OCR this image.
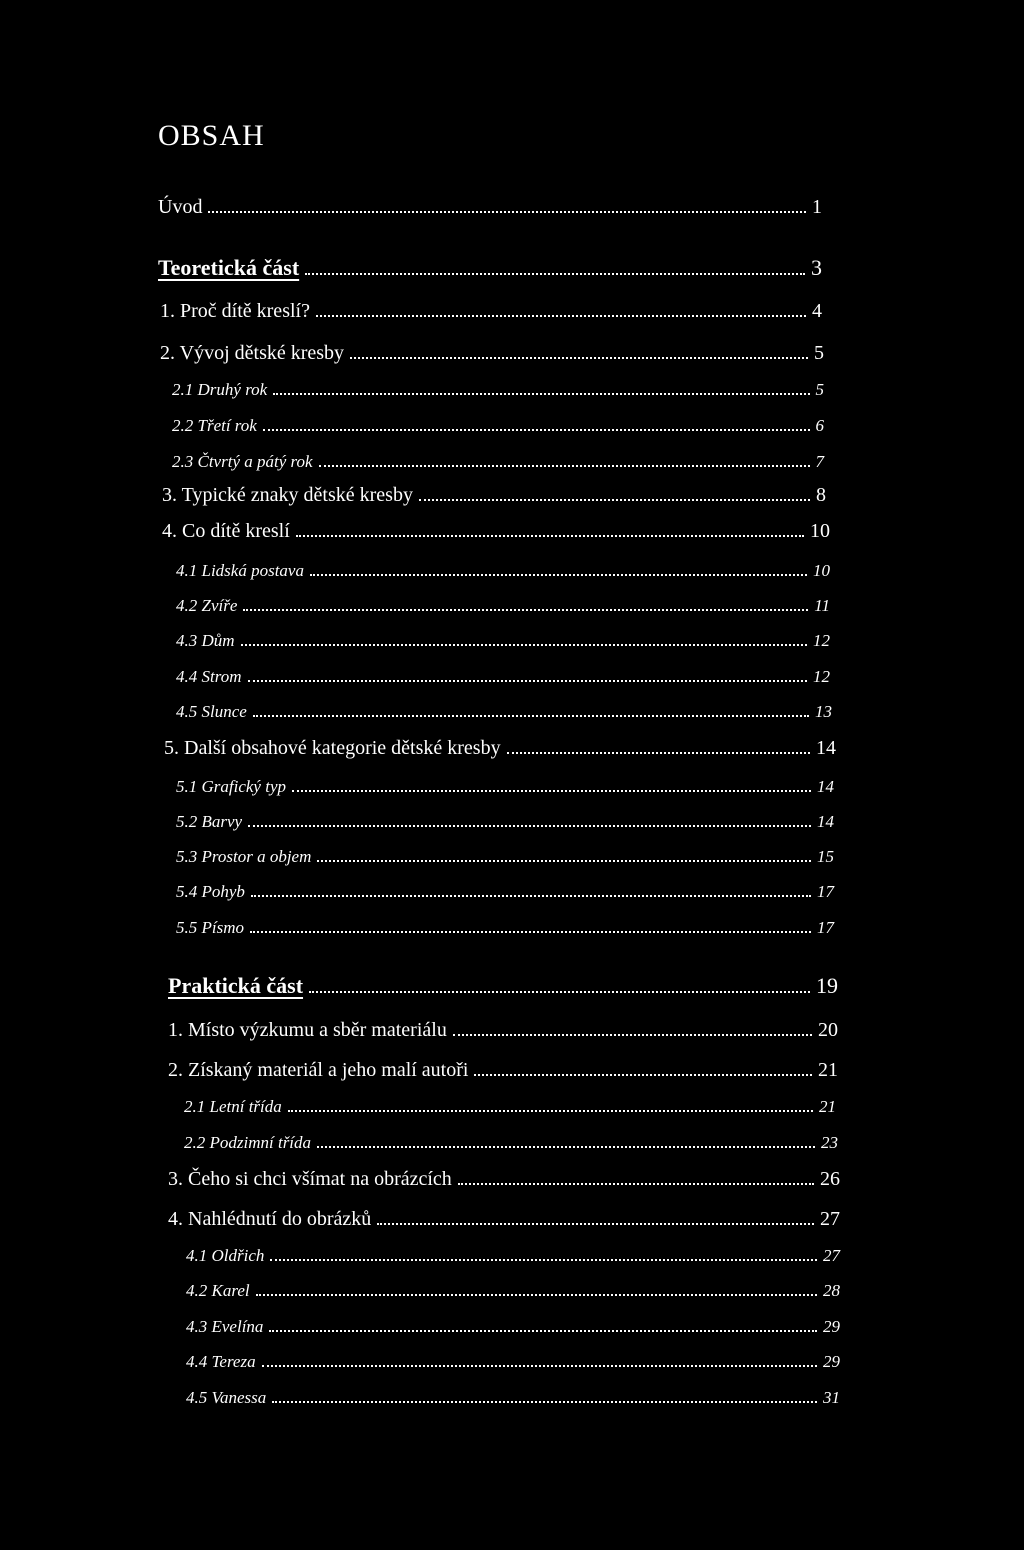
OBSAH
Úvod	1
Teoretická část	3
1. Proč dítě kreslí?	4
2. Vývoj dětské kresby	5
2.1 Druhý rok	5
2.2 Třetí rok	6
2.3 Čtvrtý a pátý rok	7
3. Typické znaky dětské kresby	8
4. Co dítě kreslí	10
4.1 Lidská postava	10
4.2 Zvíře	11
4.3 Dům	12
4.4 Strom	12
4.5 Slunce	13
5. Další obsahové kategorie dětské kresby	14
5.1 Grafický typ	14
5.2 Barvy	14
5.3 Prostor a objem	15
5.4 Pohyb	17
5.5 Písmo	17
Praktická část	19
1. Místo výzkumu a sběr materiálu	20
2. Získaný materiál a jeho malí autoři	21
2.1 Letní třída	21
2.2 Podzimní třída	23
3. Čeho si chci všímat na obrázcích	26
4. Nahlédnutí do obrázků	27
4.1 Oldřich	27
4.2 Karel	28
4.3 Evelína	29
4.4 Tereza	29
4.5 Vanessa	31
